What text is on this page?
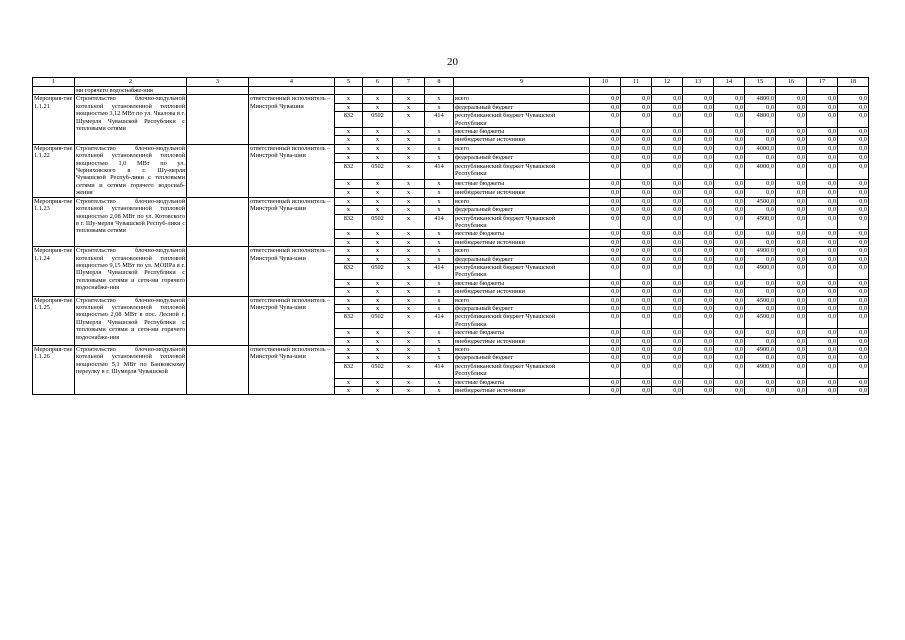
20
1	2	3	4	5	6	7	8	9	10	11	12	13	14	15	16	17	18
	ми горячего водоснабже-ния																
Мероприя-тие 1.1.21	Строительство блочно-модульной котельной установленной тепловой мощностью 3,12 МВт по ул. Чкалова в г. Шумерля Чувашской Республики с тепловыми сетями		ответственный исполнитель – Минстрой Чувашии	x	x	x	x	всего	0,0	0,0	0,0	0,0	0,0	4800,0	0,0	0,0	0,0
				x	x	x	x	федеральный бюджет	0,0	0,0	0,0	0,0	0,0	0,0	0,0	0,0	0,0
				832	0502	x	414	республиканский бюджет Чувашской Республики	0,0	0,0	0,0	0,0	0,0	4800,0	0,0	0,0	0,0
				x	x	x	x	местные бюджеты	0,0	0,0	0,0	0,0	0,0	0,0	0,0	0,0	0,0
				x	x	x	x	внебюджетные источники	0,0	0,0	0,0	0,0	0,0	0,0	0,0	0,0	0,0
Мероприя-тие 1.1.22	Строительство блочно-модульной котельной установленной тепловой мощностью 1,0 МВт по ул. Черняховского в г. Шу-мерля Чувашской Респуб-лики с тепловыми сетями и сетями горячего водоснаб-жения		ответственный исполнитель – Минстрой Чува-шии	x	x	x	x	всего	0,0	0,0	0,0	0,0	0,0	4000,0	0,0	0,0	0,0
				x	x	x	x	федеральный бюджет	0,0	0,0	0,0	0,0	0,0	0,0	0,0	0,0	0,0
				832	0502	x	414	республиканский бюджет Чувашской Республики	0,0	0,0	0,0	0,0	0,0	4000,0	0,0	0,0	0,0
				x	x	x	x	местные бюджеты	0,0	0,0	0,0	0,0	0,0	0,0	0,0	0,0	0,0
				x	x	x	x	внебюджетные источники	0,0	0,0	0,0	0,0	0,0	0,0	0,0	0,0	0,0
Мероприя-тие 1.1.23	Строительство блочно-модульной котельной установленной тепловой мощностью 2,08 МВт по ул. Котовского в г. Шу-мерля Чувашской Респуб-лики с тепловыми сетями		ответственный исполнитель – Минстрой Чува-шии	x	x	x	x	всего	0,0	0,0	0,0	0,0	0,0	4500,0	0,0	0,0	0,0
				x	x	x	x	федеральный бюджет	0,0	0,0	0,0	0,0	0,0	0,0	0,0	0,0	0,0
				832	0502	x	414	республиканский бюджет Чувашской Республики	0,0	0,0	0,0	0,0	0,0	4500,0	0,0	0,0	0,0
				x	x	x	x	местные бюджеты	0,0	0,0	0,0	0,0	0,0	0,0	0,0	0,0	0,0
				x	x	x	x	внебюджетные источники	0,0	0,0	0,0	0,0	0,0	0,0	0,0	0,0	0,0
Мероприя-тие 1.1.24	Строительство блочно-модульной котельной установленной тепловой мощностью 9,15 МВт по ул. МОПРа в г. Шумерля Чувашской Республики с тепловыми сетями и сетя-ми горячего водоснабже-ния		ответственный исполнитель – Минстрой Чува-шии	x	x	x	x	всего	0,0	0,0	0,0	0,0	0,0	4900,0	0,0	0,0	0,0
				x	x	x	x	федеральный бюджет	0,0	0,0	0,0	0,0	0,0	0,0	0,0	0,0	0,0
				832	0502	x	414	республиканский бюджет Чувашской Республики	0,0	0,0	0,0	0,0	0,0	4900,0	0,0	0,0	0,0
				x	x	x	x	местные бюджеты	0,0	0,0	0,0	0,0	0,0	0,0	0,0	0,0	0,0
				x	x	x	x	внебюджетные источники	0,0	0,0	0,0	0,0	0,0	0,0	0,0	0,0	0,0
Мероприя-тие 1.1.25	Строительство блочно-модульной котельной установленной тепловой мощностью 2,08 МВт в пос. Лесной г. Шумерля Чувашской Республики с тепловыми сетями и сетя-ми горячего водоснабже-ния		ответственный исполнитель – Минстрой Чува-шии	x	x	x	x	всего	0,0	0,0	0,0	0,0	0,0	4500,0	0,0	0,0	0,0
				x	x	x	x	федеральный бюджет	0,0	0,0	0,0	0,0	0,0	0,0	0,0	0,0	0,0
				832	0502	x	414	республиканский бюджет Чувашской Республики	0,0	0,0	0,0	0,0	0,0	4500,0	0,0	0,0	0,0
				x	x	x	x	местные бюджеты	0,0	0,0	0,0	0,0	0,0	0,0	0,0	0,0	0,0
				x	x	x	x	внебюджетные источники	0,0	0,0	0,0	0,0	0,0	0,0	0,0	0,0	0,0
Мероприя-тие 1.1.26	Строительство блочно-модульной котельной установленной тепловой мощностью 5,1 МВт по Банковскому переулку в г. Шумерля Чувашской		ответственный исполнитель – Минстрой Чува-шии	x	x	x	x	всего	0,0	0,0	0,0	0,0	0,0	4900,0	0,0	0,0	0,0
				x	x	x	x	федеральный бюджет	0,0	0,0	0,0	0,0	0,0	0,0	0,0	0,0	0,0
				832	0502	x	414	республиканский бюджет Чувашской Республики	0,0	0,0	0,0	0,0	0,0	4900,0	0,0	0,0	0,0
				x	x	x	x	местные бюджеты	0,0	0,0	0,0	0,0	0,0	0,0	0,0	0,0	0,0
				x	x	x	x	внебюджетные источники	0,0	0,0	0,0	0,0	0,0	0,0	0,0	0,0	0,0
